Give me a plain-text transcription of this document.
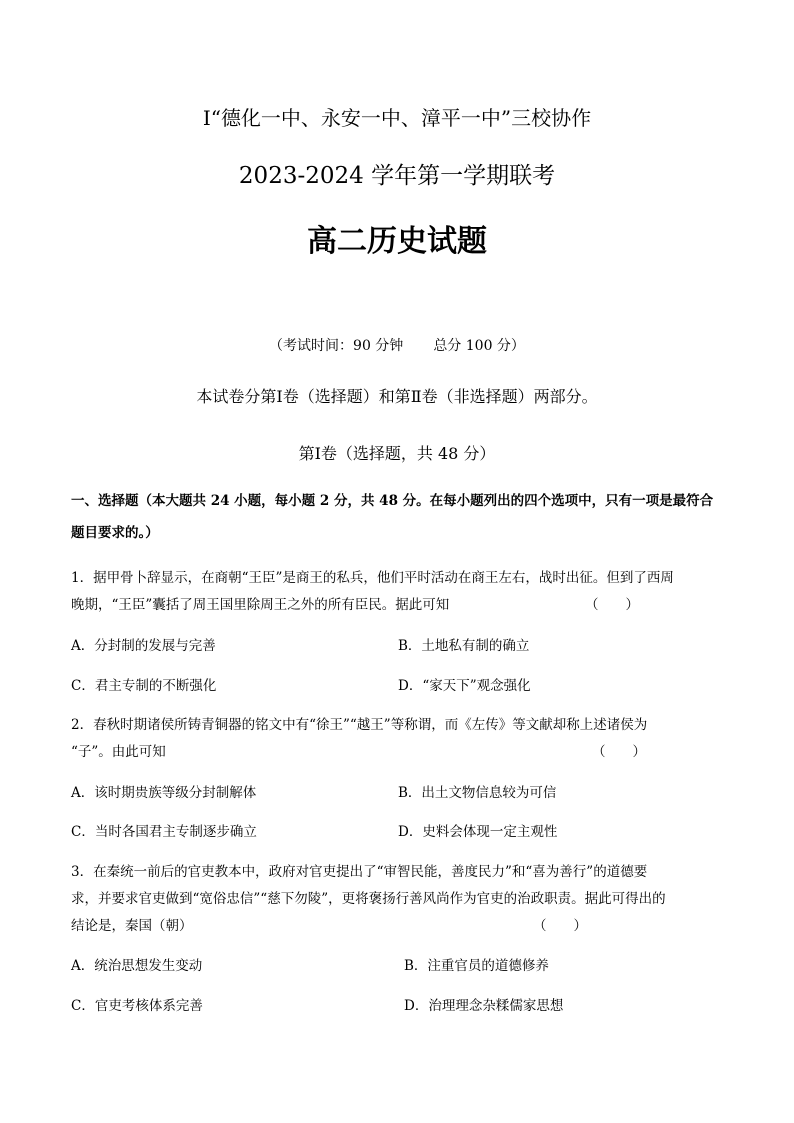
Ⅰ“德化一中、永安一中、漳平一中”三校协作
2023-2024 学年第一学期联考
高二历史试题
（考试时间：90 分钟 总分 100 分）
本试卷分第Ⅰ卷（选择题）和第Ⅱ卷（非选择题）两部分。
第Ⅰ卷（选择题，共 48 分）
一、选择题（本大题共 24 小题，每小题 2 分，共 48 分。在每小题列出的四个选项中，只有一项是最符合
题目要求的。）
1．据甲骨卜辞显示，在商朝“王臣”是商王的私兵，他们平时活动在商王左右，战时出征。但到了西周
晚期，“王臣”囊括了周王国里除周王之外的所有臣民。据此可知	（　　）
A．分封制的发展与完善	B．土地私有制的确立
C．君主专制的不断强化	D．“家天下”观念强化
2．春秋时期诸侯所铸青铜器的铭文中有“徐王”“越王”等称谓，而《左传》等文献却称上述诸侯为
“子”。由此可知	（　　）
A．该时期贵族等级分封制解体	B．出土文物信息较为可信
C．当时各国君主专制逐步确立	D．史料会体现一定主观性
3．在秦统一前后的官吏教本中，政府对官吏提出了“审智民能，善度民力”和“喜为善行”的道德要
求，并要求官吏做到“宽俗忠信”“慈下勿陵”，更将褒扬行善风尚作为官吏的治政职责。据此可得出的
结论是，秦国（朝）	（　　）
A．统治思想发生变动	B．注重官员的道德修养
C．官吏考核体系完善	D．治理理念杂糅儒家思想
